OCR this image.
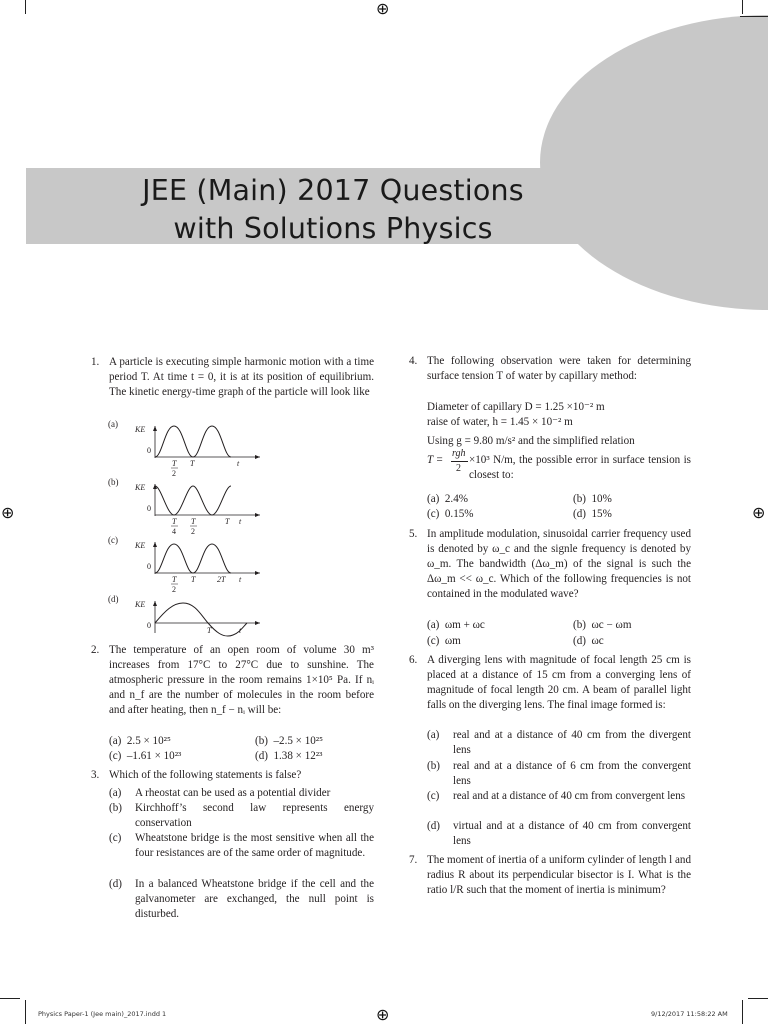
JEE (Main) 2017 Questions
with Solutions Physics
⊕
⊕	⊕
⊕
1. A particle is executing simple harmonic motion with a time period T. At time t = 0, it is at its position of equilibrium. The kinetic energy-time graph of the particle will look like
(a)
KE
0
T
2
T	t
(b)
KE
0
T
4
T
2
T t
(c)
KE
0
T
2
T	2T t
(d)
KE
0
T	t
2. The temperature of an open room of volume 30 m³ increases from 17°C to 27°C due to sunshine. The atmospheric pressure in the room remains 1×10⁵ Pa. If nᵢ and n_f are the number of molecules in the room before and after heating, then n_f − nᵢ will be:
(a) 2.5 × 10²⁵	(b) –2.5 × 10²⁵
(c) –1.61 × 10²³	(d) 1.38 × 12²³
3. Which of the following statements is false?
(a) A rheostat can be used as a potential divider
(b) Kirchhoff’s second law represents energy conservation
(c) Wheatstone bridge is the most sensitive when all the four resistances are of the same order of magnitude.
(d) In a balanced Wheatstone bridge if the cell and the galvanometer are exchanged, the null point is disturbed.
4. The following observation were taken for determining surface tension T of water by capillary method:
Diameter of capillary D = 1.25 ×10⁻² m
raise of water, h = 1.45 × 10⁻² m
Using g = 9.80 m/s² and the simplified relation
T =
rgh
2
×10³ N/m, the possible error in surface tension is closest to:
(a) 2.4%	(b) 10%
(c) 0.15%	(d) 15%
5. In amplitude modulation, sinusoidal carrier frequency used is denoted by ω_c and the signle frequency is denoted by ω_m. The bandwidth (Δω_m) of the signal is such the Δω_m << ω_c. Which of the following frequencies is not contained in the modulated wave?
(a) ωm + ωc	(b) ωc − ωm
(c) ωm	(d) ωc
6. A diverging lens with magnitude of focal length 25 cm is placed at a distance of 15 cm from a converging lens of magnitude of focal length 20 cm. A beam of parallel light falls on the diverging lens. The final image formed is:
(a) real and at a distance of 40 cm from the divergent lens
(b) real and at a distance of 6 cm from the convergent lens
(c) real and at a distance of 40 cm from convergent lens
(d) virtual and at a distance of 40 cm from convergent lens
7. The moment of inertia of a uniform cylinder of length l and radius R about its perpendicular bisector is I. What is the ratio l/R such that the moment of inertia is minimum?
Physics Paper-1 (Jee main)_2017.indd 1	9/12/2017 11:58:22 AM
